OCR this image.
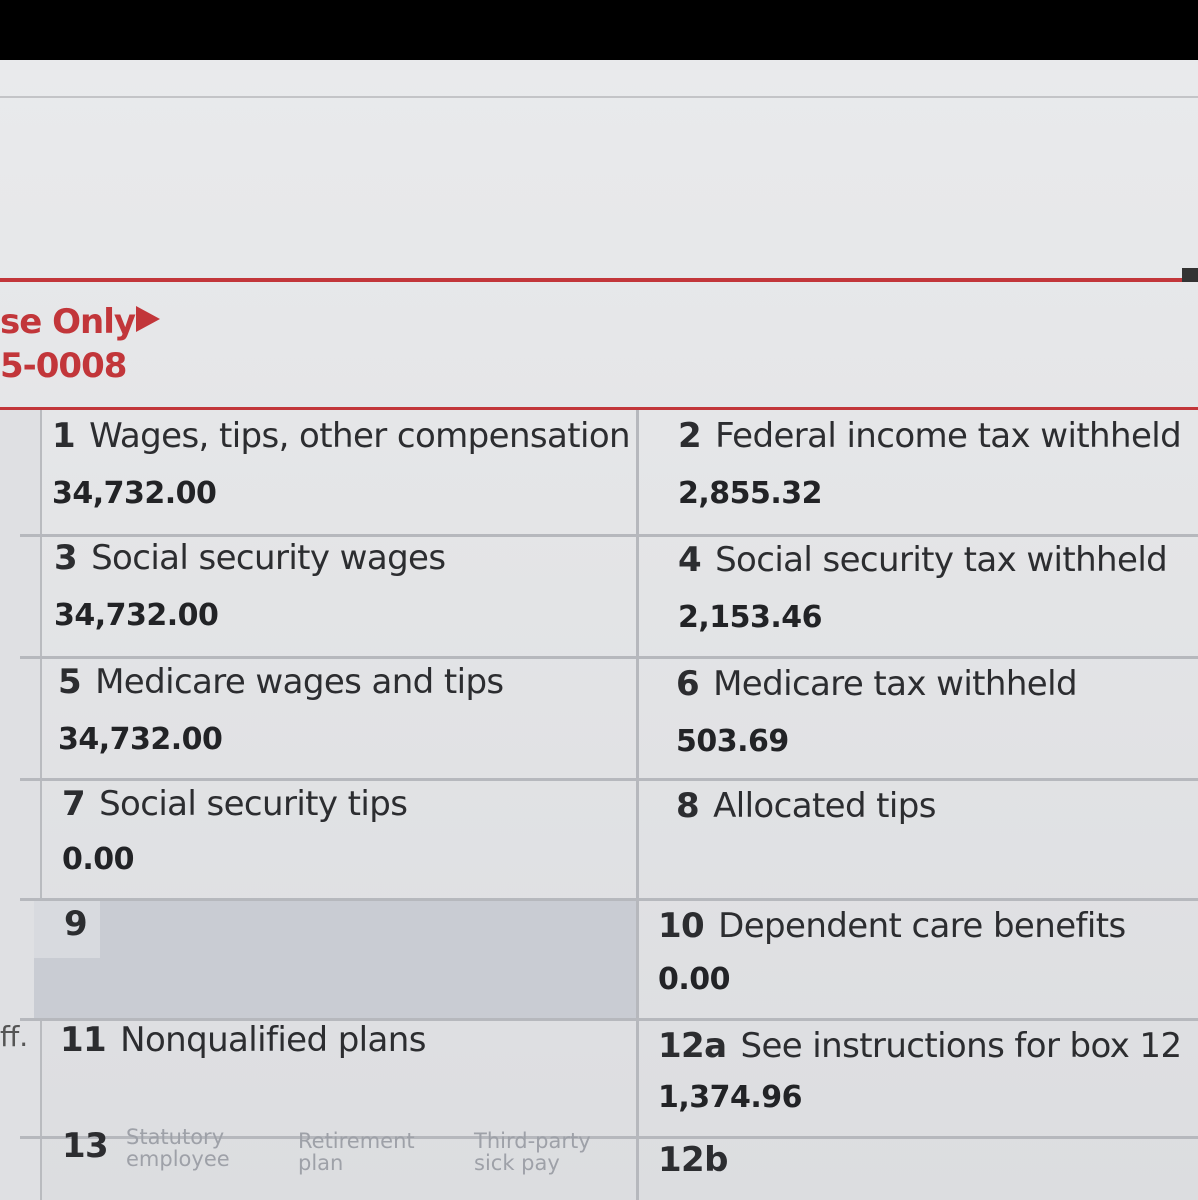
se Only
5-0008
ff.
1 Wages, tips, other compensation
34,732.00
2 Federal income tax withheld
2,855.32
3 Social security wages
34,732.00
4 Social security tax withheld
2,153.46
5 Medicare wages and tips
34,732.00
6 Medicare tax withheld
503.69
7 Social security tips
0.00
8 Allocated tips
9	10 Dependent care benefits
0.00
11 Nonqualified plans	12a See instructions for box 12
1,374.96
13 Statutory
employee
Retirement
plan
Third-party
sick pay	12b
